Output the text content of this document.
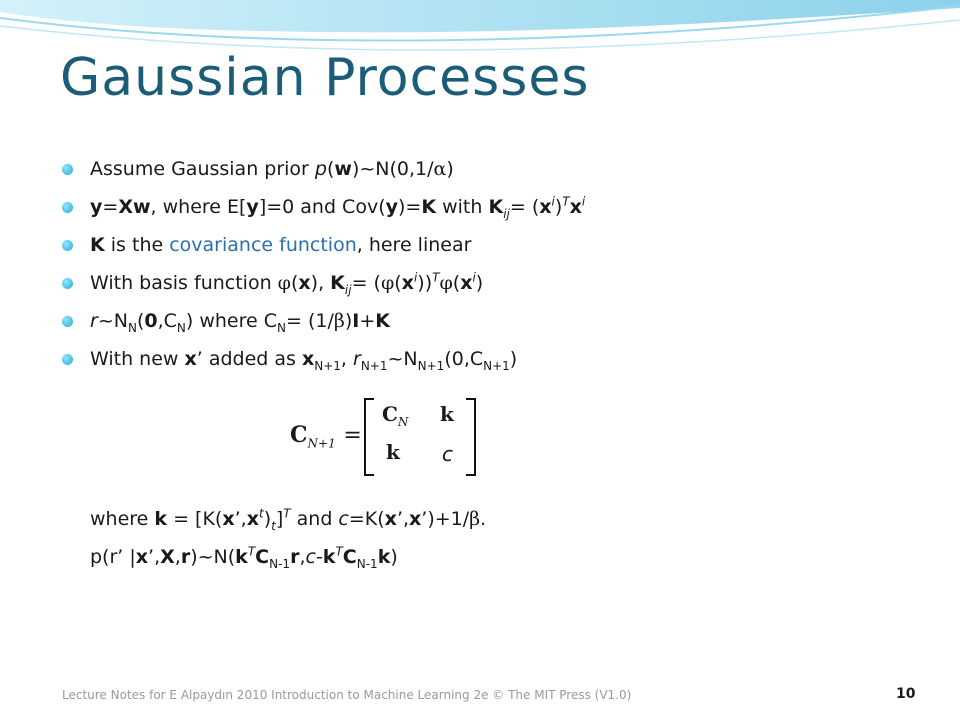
Gaussian Processes
Assume Gaussian prior p(w)~N(0,1/α)
y=Xw, where E[y]=0 and Cov(y)=K with $K_{ij}= (x^i)^Tx^i$
K is the covariance function, here linear
With basis function φ(x), $K_{ij}= (\varphi(x^i))^T\varphi(x^i)$
$r\sim N_N(0,C_N)$ where $C_N= (1/\beta)I+K$
With new x’ added as $x_{N+1}$, $r_{N+1}\sim N_{N+1}(0,C_{N+1})$
$C_{N+1}$ =
$C_N$ k
k c
where $k = [K(x’,x^t)_t]^T$ and c=K(x’,x’)+1/β.
p(r’ $|x’,X,r)\sim N(k^TC_{N-1}r,c-k^TC_{N-1}k)$
Lecture Notes for E Alpaydın 2010 Introduction to Machine Learning 2e © The MIT Press (V1.0)	10
